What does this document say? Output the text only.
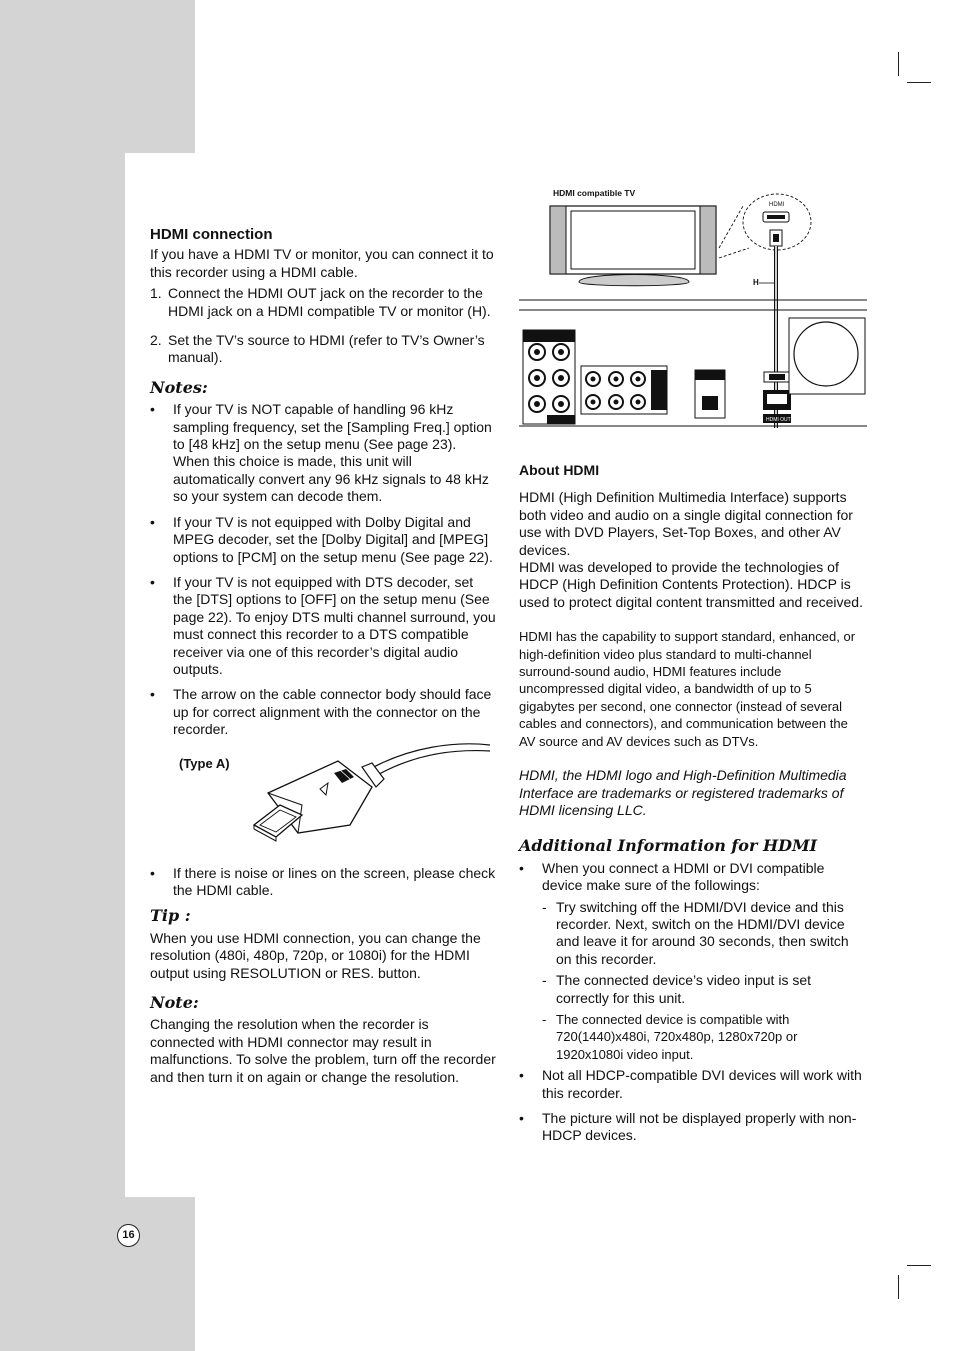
HDMI connection

If you have a HDMI TV or monitor, you can connect it to this recorder using a HDMI cable.

1. Connect the HDMI OUT jack on the recorder to the HDMI jack on a HDMI compatible TV or monitor (H).
2. Set the TV’s source to HDMI (refer to TV’s Owner’s manual).
Notes:
• If your TV is NOT capable of handling 96 kHz sampling frequency, set the [Sampling Freq.] option to [48 kHz] on the setup menu (See page 23). When this choice is made, this unit will automatically convert any 96 kHz signals to 48 kHz so your system can decode them.
• If your TV is not equipped with Dolby Digital and MPEG decoder, set the [Dolby Digital] and [MPEG] options to [PCM] on the setup menu (See page 22).
• If your TV is not equipped with DTS decoder, set the [DTS] options to [OFF] on the setup menu (See page 22). To enjoy DTS multi channel surround, you must connect this recorder to a DTS compatible receiver via one of this recorder’s digital audio outputs.
• The arrow on the cable connector body should face up for correct alignment with the connector on the recorder.
(Type A)
• If there is noise or lines on the screen, please check the HDMI cable.
Tip :

When you use HDMI connection, you can change the resolution (480i, 480p, 720p, or 1080i) for the HDMI output using RESOLUTION or RES. button.

Note:

Changing the resolution when the recorder is connected with HDMI connector may result in malfunctions. To solve the problem, turn off the recorder and then turn it on again or change the resolution.

HDMI compatible TV
HDMI
H
HDMI OUT
About HDMI

HDMI (High Definition Multimedia Interface) supports both video and audio on a single digital connection for use with DVD Players, Set-Top Boxes, and other AV devices.

HDMI was developed to provide the technologies of HDCP (High Definition Contents Protection). HDCP is used to protect digital content transmitted and received.

HDMI has the capability to support standard, enhanced, or high-definition video plus standard to multi-channel surround-sound audio, HDMI features include uncompressed digital video, a bandwidth of up to 5 gigabytes per second, one connector (instead of several cables and connectors), and communication between the AV source and AV devices such as DTVs.

HDMI, the HDMI logo and High-Definition Multimedia Interface are trademarks or registered trademarks of HDMI licensing LLC.

Additional Information for HDMI
• When you connect a HDMI or DVI compatible device make sure of the followings:
- Try switching off the HDMI/DVI device and this recorder. Next, switch on the HDMI/DVI device and leave it for around 30 seconds, then switch on this recorder.
- The connected device’s video input is set correctly for this unit.
- The connected device is compatible with 720(1440)x480i, 720x480p, 1280x720p or 1920x1080i video input.
• Not all HDCP-compatible DVI devices will work with this recorder.
• The picture will not be displayed properly with non-HDCP devices.
16
